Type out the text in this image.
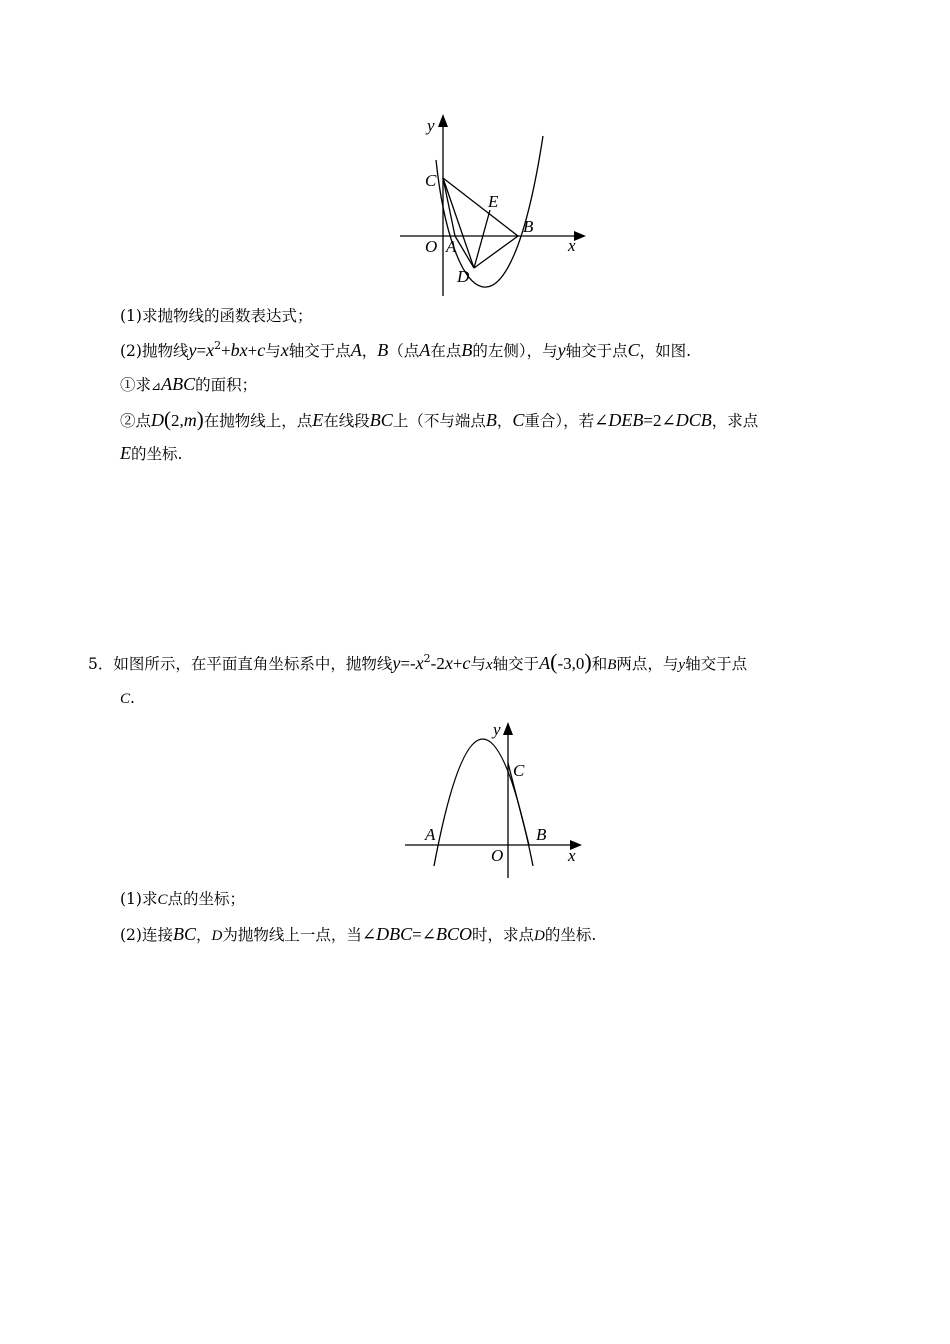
y
x
O A
B
C
D
E
(1)求抛物线的函数表达式；
(2)抛物线$y=x^2+bx+c$与x轴交于点A，B（点A在点B的左侧），与y轴交于点C，如图.
①求⊿ABC的面积；
②点D(2,m)在抛物线上，点E在线段BC上（不与端点B，C重合），若∠DEB=2∠DCB，求点
E的坐标.
5．如图所示，在平面直角坐标系中，抛物线$y=-x^2-2x+c$与x轴交于A(-3,0)和B两点，与y轴交于点
C.
y
x
O
A	B
C
(1)求C点的坐标；
(2)连接BC，D为抛物线上一点，当∠DBC=∠BCO时，求点D的坐标.
